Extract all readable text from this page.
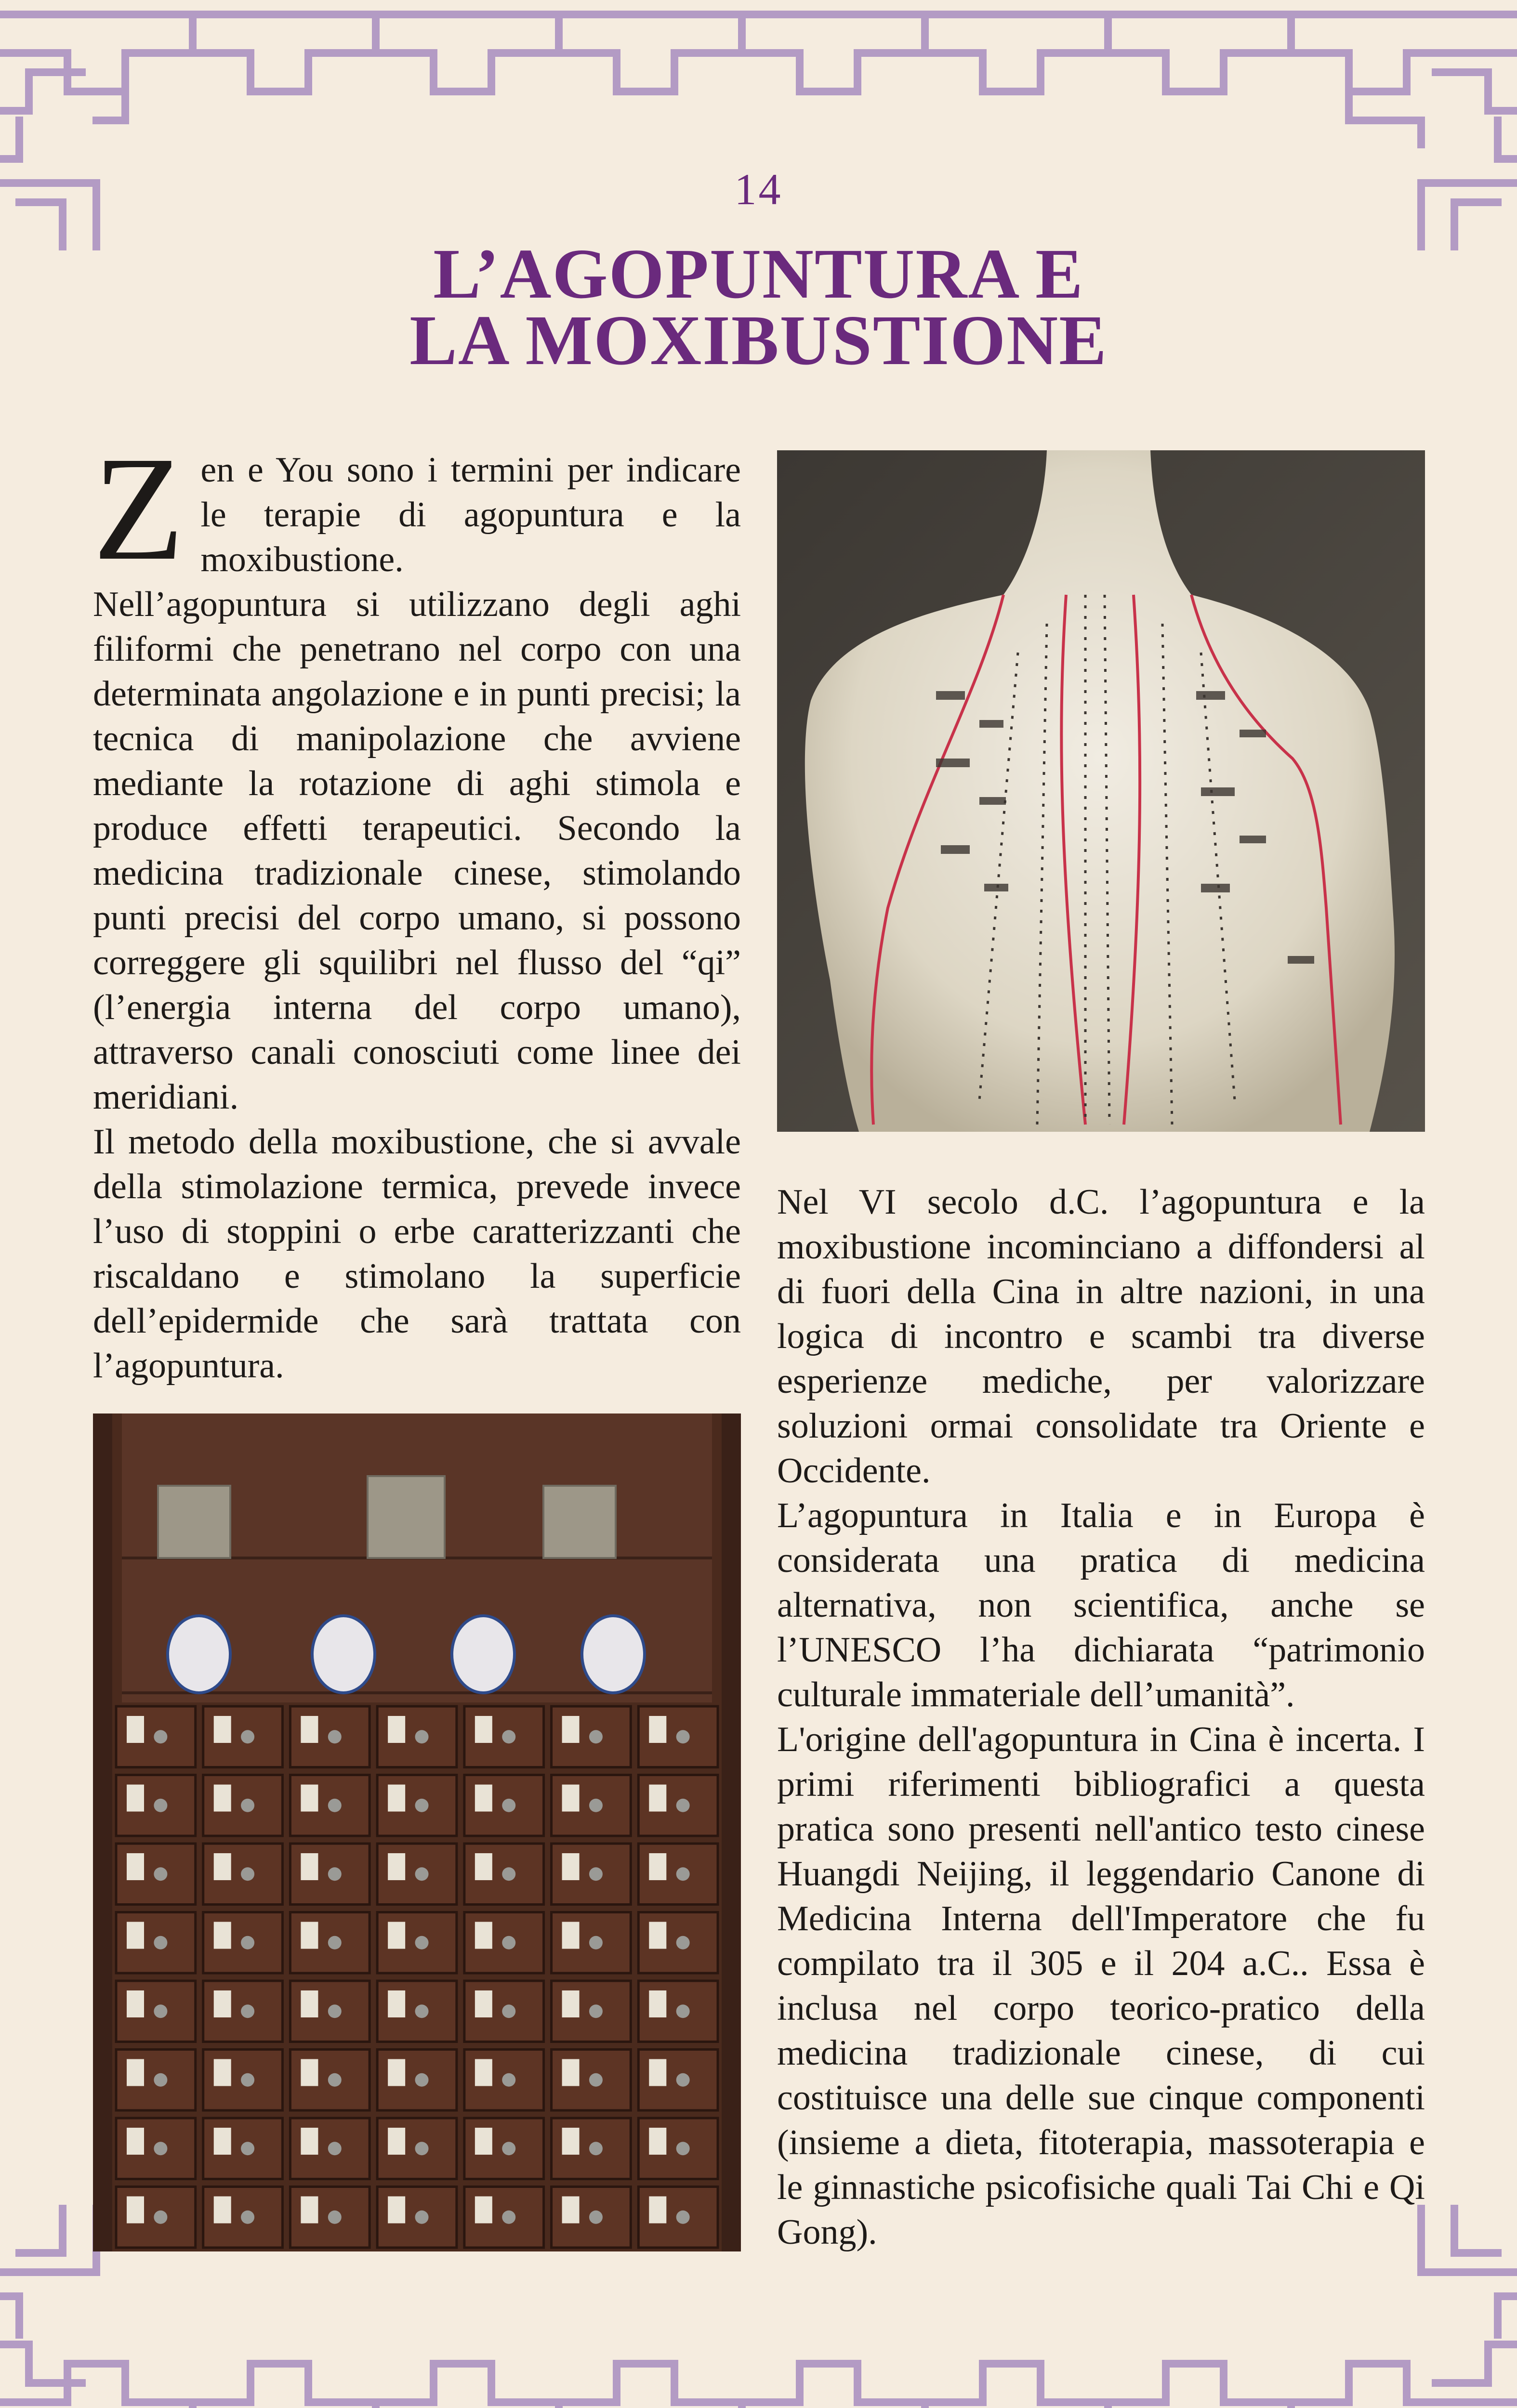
14
L’AGOPUNTURA E
LA MOXIBUSTIONE

Zen e You sono i termini per indicare le terapie di agopuntura e la moxibustione.

Nell’agopuntura si utilizzano degli aghi filiformi che penetrano nel corpo con una determinata angolazione e in punti precisi; la tecnica di manipolazione che avviene mediante la rotazione di aghi stimola e produce effetti terapeutici. Secondo la medicina tradizionale cinese, stimolando punti precisi del corpo umano, si possono correggere gli squilibri nel flusso del “qi” (l’energia interna del corpo umano), attraverso canali conosciuti come linee dei meridiani.

Il metodo della moxibustione, che si avvale della stimolazione termica, prevede invece l’uso di stoppini o erbe caratterizzanti che riscaldano e stimolano la superficie dell’epidermide che sarà trattata con l’agopuntura.

Nel VI secolo d.C. l’agopuntura e la moxibustione incominciano a diffondersi al di fuori della Cina in altre nazioni, in una logica di incontro e scambi tra diverse esperienze mediche, per valorizzare soluzioni ormai consolidate tra Oriente e Occidente.

L’agopuntura in Italia e in Europa è considerata una pratica di medicina alternativa, non scientifica, anche se l’UNESCO l’ha dichiarata “patrimonio culturale immateriale dell’umanità”.

L'origine dell'agopuntura in Cina è incerta. I primi riferimenti bibliografici a questa pratica sono presenti nell'antico testo cinese Huangdi Neijing, il leggendario Canone di Medicina Interna dell'Imperatore che fu compilato tra il 305 e il 204 a.C.. Essa è inclusa nel corpo teorico-pratico della medicina tradizionale cinese, di cui costituisce una delle sue cinque componenti (insieme a dieta, fitoterapia, massoterapia e le ginnastiche psicofisiche quali Tai Chi e Qi Gong).
